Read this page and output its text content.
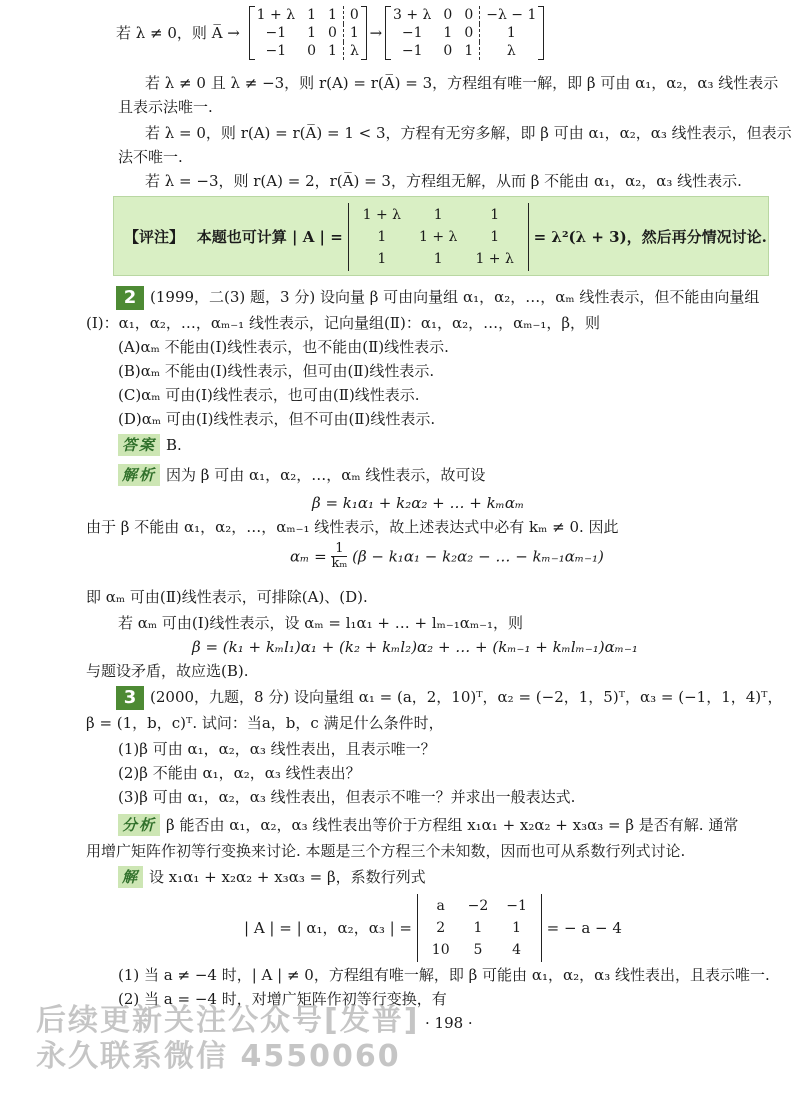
若 λ ≠ 0，则 A̅ →
1 + λ	1	1	0
−1	1	0	1
−1	0	1	λ
→
3 + λ	0	0	−λ − 1
−1	1	0	1
−1	0	1	λ
若 λ ≠ 0 且 λ ≠ −3，则 r(A) = r(A̅) = 3，方程组有唯一解，即 β 可由 α₁，α₂，α₃ 线性表示
且表示法唯一.
若 λ = 0，则 r(A) = r(A̅) = 1 < 3，方程有无穷多解，即 β 可由 α₁，α₂，α₃ 线性表示，但表示
法不唯一.
若 λ = −3，则 r(A) = 2，r(A̅) = 3，方程组无解，从而 β 不能由 α₁，α₂，α₃ 线性表示.
【评注】 本题也可计算 | A | =
1 + λ	1	1
1	1 + λ	1
1	1	1 + λ
= λ²(λ + 3)，然后再分情况讨论.
2 (1999，二(3) 题，3 分) 设向量 β 可由向量组 α₁，α₂，…，αₘ 线性表示，但不能由向量组
(Ⅰ)：α₁，α₂，…，αₘ₋₁ 线性表示，记向量组(Ⅱ)：α₁，α₂，…，αₘ₋₁，β，则
(A)αₘ 不能由(Ⅰ)线性表示，也不能由(Ⅱ)线性表示.
(B)αₘ 不能由(Ⅰ)线性表示，但可由(Ⅱ)线性表示.
(C)αₘ 可由(Ⅰ)线性表示，也可由(Ⅱ)线性表示.
(D)αₘ 可由(Ⅰ)线性表示，但不可由(Ⅱ)线性表示.
答案 B.
解析 因为 β 可由 α₁，α₂，…，αₘ 线性表示，故可设
β = k₁α₁ + k₂α₂ + … + kₘαₘ
由于 β 不能由 α₁，α₂，…，αₘ₋₁ 线性表示，故上述表达式中必有 kₘ ≠ 0. 因此
$\alpha_m = \frac{1}{\text{kₘ}} (\beta - k_1\alpha_1 - k_2\alpha_2$ − … − kₘ₋₁αₘ₋₁)
即 αₘ 可由(Ⅱ)线性表示，可排除(A)、(D).
若 αₘ 可由(Ⅰ)线性表示，设 αₘ = l₁α₁ + … + lₘ₋₁αₘ₋₁，则
β = (k₁ + kₘl₁)α₁ + (k₂ + kₘl₂)α₂ + … + (kₘ₋₁ + kₘlₘ₋₁)αₘ₋₁
与题设矛盾，故应选(B).
3 (2000，九题，8 分) 设向量组 α₁ = (a，2，10)ᵀ，α₂ = (−2，1，5)ᵀ，α₃ = (−1，1，4)ᵀ，
β = (1，b，c)ᵀ. 试问：当a，b，c 满足什么条件时，
(1)β 可由 α₁，α₂，α₃ 线性表出，且表示唯一？
(2)β 不能由 α₁，α₂，α₃ 线性表出？
(3)β 可由 α₁，α₂，α₃ 线性表出，但表示不唯一？并求出一般表达式.
分析 β 能否由 α₁，α₂，α₃ 线性表出等价于方程组 x₁α₁ + x₂α₂ + x₃α₃ = β 是否有解. 通常
用增广矩阵作初等行变换来讨论. 本题是三个方程三个未知数，因而也可从系数行列式讨论.
解 设 x₁α₁ + x₂α₂ + x₃α₃ = β，系数行列式
| A | = | α₁，α₂，α₃ | =
a	−2	−1
2	1	1
10	5	4
= − a − 4
(1) 当 a ≠ −4 时，| A | ≠ 0，方程组有唯一解，即 β 可能由 α₁，α₂，α₃ 线性表出，且表示唯一.
(2) 当 a = −4 时，对增广矩阵作初等行变换，有
· 198 ·
后续更新关注公众号[发普]
永久联系微信 4550060
